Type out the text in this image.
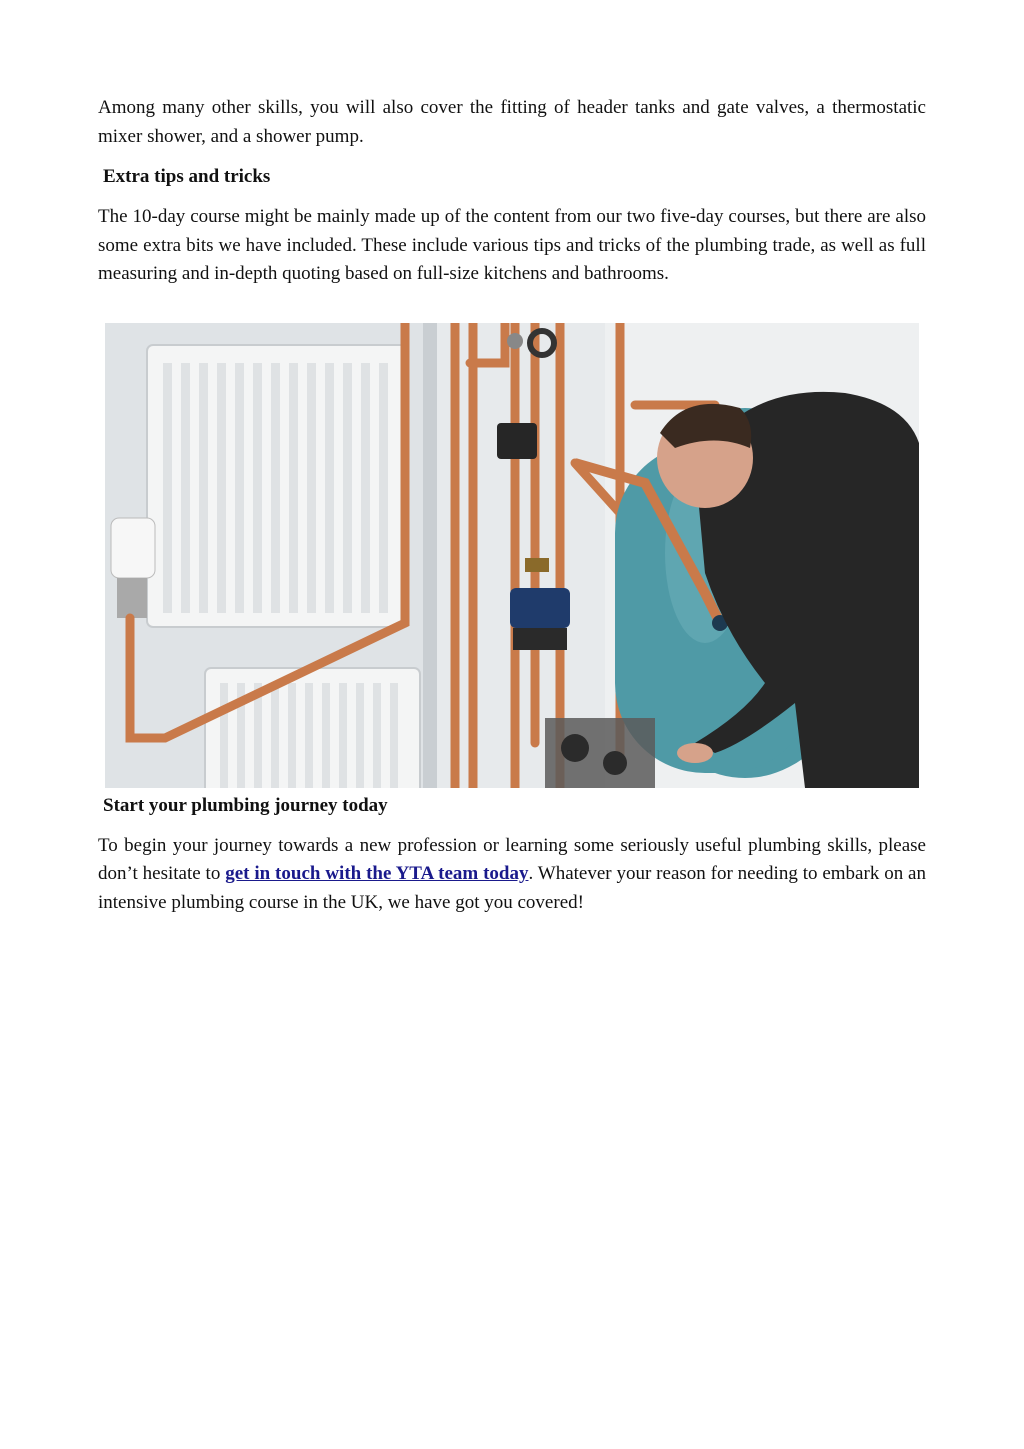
Among many other skills, you will also cover the fitting of header tanks and gate valves, a thermostatic mixer shower, and a shower pump.

Extra tips and tricks

The 10-day course might be mainly made up of the content from our two five-day courses, but there are also some extra bits we have included. These include various tips and tricks of the plumbing trade, as well as full measuring and in-depth quoting based on full-size kitchens and bathrooms.

Start your plumbing journey today

To begin your journey towards a new profession or learning some seriously useful plumbing skills, please don’t hesitate to get in touch with the YTA team today. Whatever your reason for needing to embark on an intensive plumbing course in the UK, we have got you covered!
